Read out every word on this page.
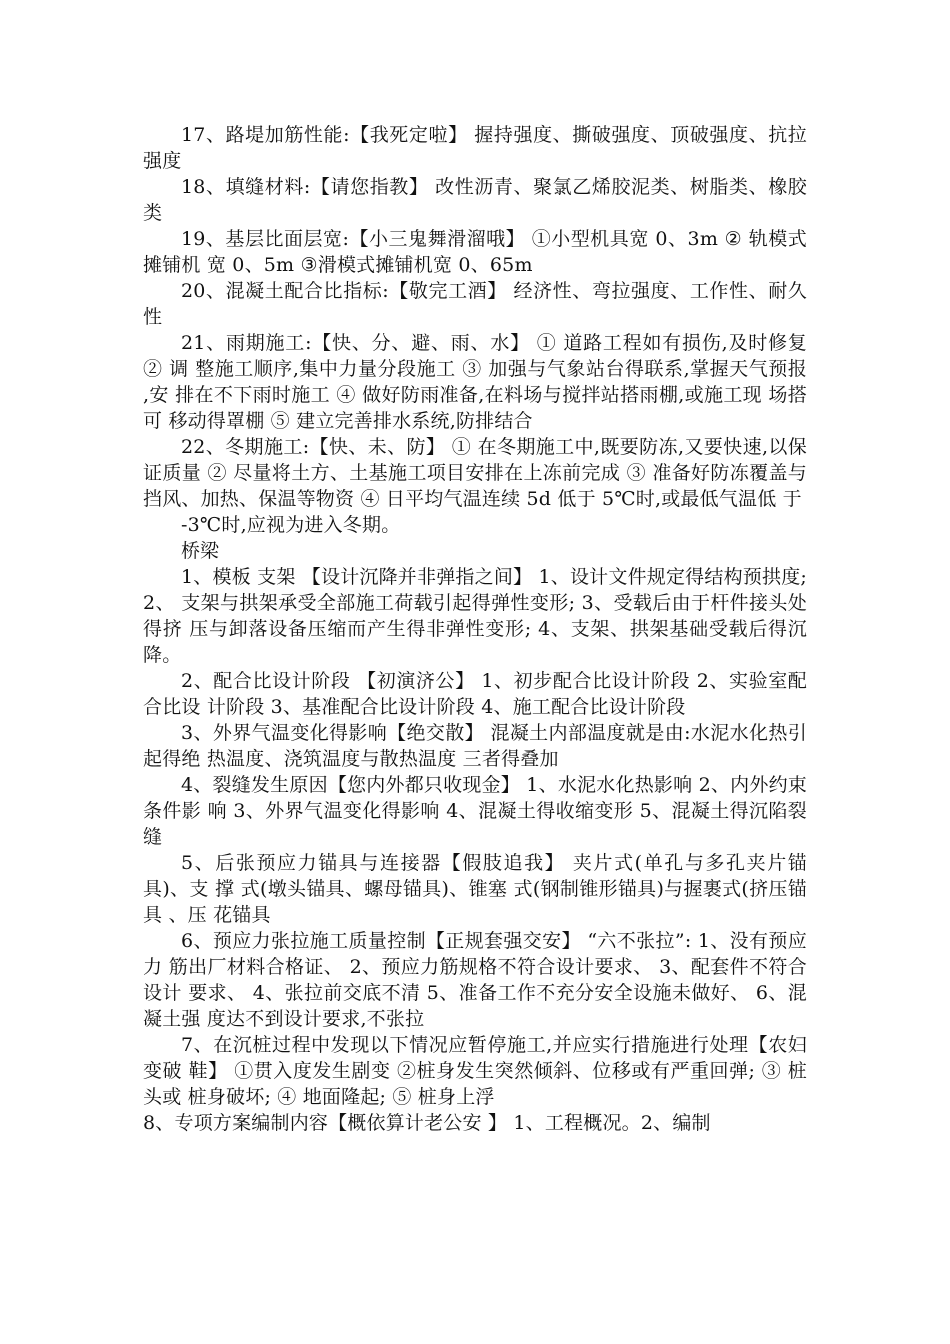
17、路堤加筋性能:【我死定啦】 握持强度、撕破强度、顶破强度、抗拉强度

18、填缝材料:【请您指教】 改性沥青、聚氯乙烯胶泥类、树脂类、橡胶类

19、基层比面层宽:【小三鬼舞滑溜哦】 ①小型机具宽 0、3m ② 轨模式摊铺机 宽 0、5m ③滑模式摊铺机宽 0、65m

20、混凝土配合比指标:【敬完工酒】 经济性、弯拉强度、工作性、耐久性

21、雨期施工:【快、分、避、雨、水】 ① 道路工程如有损伤,及时修复 ② 调 整施工顺序,集中力量分段施工 ③ 加强与气象站台得联系,掌握天气预报 ,安 排在不下雨时施工 ④ 做好防雨准备,在料场与搅拌站搭雨棚,或施工现 场搭可 移动得罩棚 ⑤ 建立完善排水系统,防排结合

22、冬期施工:【快、未、防】 ① 在冬期施工中,既要防冻,又要快速,以保 证质量 ② 尽量将土方、土基施工项目安排在上冻前完成 ③ 准备好防冻覆盖与 挡风、加热、保温等物资 ④ 日平均气温连续 5d 低于 5℃时,或最低气温低 于

-3℃时,应视为进入冬期。

桥梁

1、模板 支架 【设计沉降并非弹指之间】 1、设计文件规定得结构预拱度; 2、 支架与拱架承受全部施工荷载引起得弹性变形; 3、受载后由于杆件接头处得挤 压与卸落设备压缩而产生得非弹性变形; 4、支架、拱架基础受载后得沉降。

2、配合比设计阶段 【初演济公】 1、初步配合比设计阶段 2、实验室配合比设 计阶段 3、基准配合比设计阶段 4、施工配合比设计阶段

3、外界气温变化得影响【绝交散】 混凝土内部温度就是由:水泥水化热引起得绝 热温度、浇筑温度与散热温度 三者得叠加

4、裂缝发生原因【您内外都只收现金】 1、水泥水化热影响 2、内外约束条件影 响 3、外界气温变化得影响 4、混凝土得收缩变形 5、混凝土得沉陷裂缝

5、后张预应力锚具与连接器【假肢追我】 夹片式(单孔与多孔夹片锚具)、支 撑 式(墩头锚具、螺母锚具)、锥塞 式(钢制锥形锚具)与握裹式(挤压锚具 、压 花锚具

6、预应力张拉施工质量控制【正规套强交安】 “六不张拉”: 1、没有预应力 筋出厂材料合格证、 2、预应力筋规格不符合设计要求、 3、配套件不符合设计 要求、 4、张拉前交底不清 5、准备工作不充分安全设施未做好、 6、混凝土强 度达不到设计要求,不张拉

7、在沉桩过程中发现以下情况应暂停施工,并应实行措施进行处理【农妇变破 鞋】 ①贯入度发生剧变 ②桩身发生突然倾斜、位移或有严重回弹; ③ 桩头或 桩身破坏; ④ 地面隆起; ⑤ 桩身上浮

8、专项方案编制内容【概依算计老公安 】 1、工程概况。2、编制
